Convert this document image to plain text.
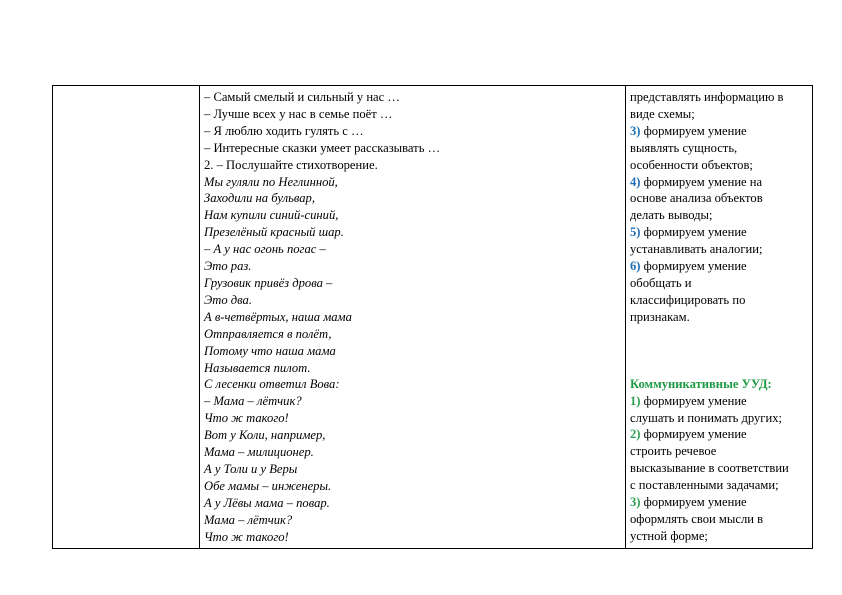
– Самый смелый и сильный у нас …
– Лучше всех у нас в семье поёт …
– Я люблю ходить гулять с …
– Интересные сказки умеет рассказывать …
2. – Послушайте стихотворение.
Мы гуляли по Неглинной,
Заходили на бульвар,
Нам купили синий-синий,
Презелёный красный шар.
– А у нас огонь погас –
Это раз.
Грузовик привёз дрова –
Это два.
А в-четвёртых, наша мама
Отправляется в полёт,
Потому что наша мама
Называется пилот.
С лесенки ответил Вова:
– Мама – лётчик?
Что ж такого!
Вот у Коли, например,
Мама – милиционер.
А у Толи и у Веры
Обе мамы – инженеры.
А у Лёвы мама – повар.
Мама – лётчик?
Что ж такого!
представлять информацию в
виде схемы;
3) формируем умение
выявлять сущность,
особенности объектов;
4) формируем умение на
основе анализа объектов
делать выводы;
5) формируем умение
устанавливать аналогии;
6) формируем умение
обобщать и
классифицировать по
признакам.
Коммуникативные УУД:
1) формируем умение
слушать и понимать других;
2) формируем умение
строить речевое
высказывание в соответствии
с поставленными задачами;
3) формируем умение
оформлять свои мысли в
устной форме;
